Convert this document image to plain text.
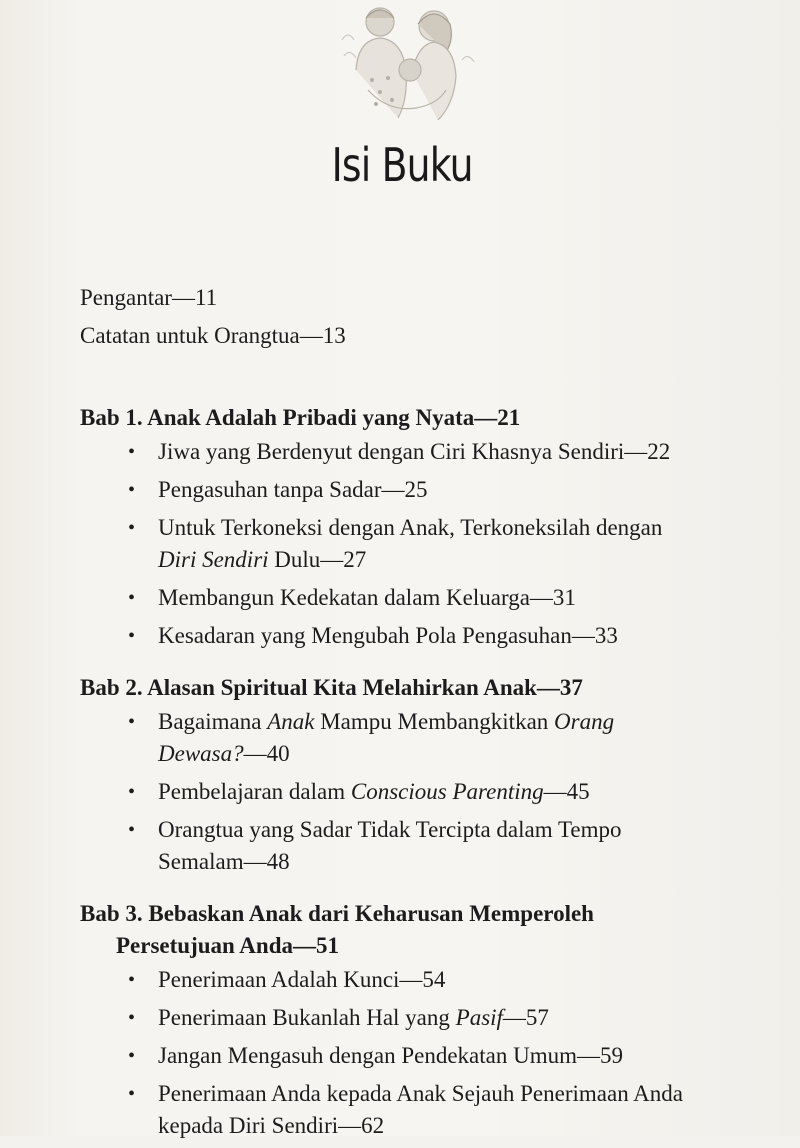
Isi Buku
Pengantar—11
Catatan untuk Orangtua—13
Bab 1. Anak Adalah Pribadi yang Nyata—21
• Jiwa yang Berdenyut dengan Ciri Khasnya Sendiri—22
• Pengasuhan tanpa Sadar—25
• Untuk Terkoneksi dengan Anak, Terkoneksilah dengan
Diri Sendiri Dulu—27
• Membangun Kedekatan dalam Keluarga—31
• Kesadaran yang Mengubah Pola Pengasuhan—33
Bab 2. Alasan Spiritual Kita Melahirkan Anak—37
• Bagaimana Anak Mampu Membangkitkan Orang
Dewasa?—40
• Pembelajaran dalam Conscious Parenting—45
• Orangtua yang Sadar Tidak Tercipta dalam Tempo
Semalam—48
Bab 3. Bebaskan Anak dari Keharusan Memperoleh
Persetujuan Anda—51
• Penerimaan Adalah Kunci—54
• Penerimaan Bukanlah Hal yang Pasif—57
• Jangan Mengasuh dengan Pendekatan Umum—59
• Penerimaan Anda kepada Anak Sejauh Penerimaan Anda
kepada Diri Sendiri—62
